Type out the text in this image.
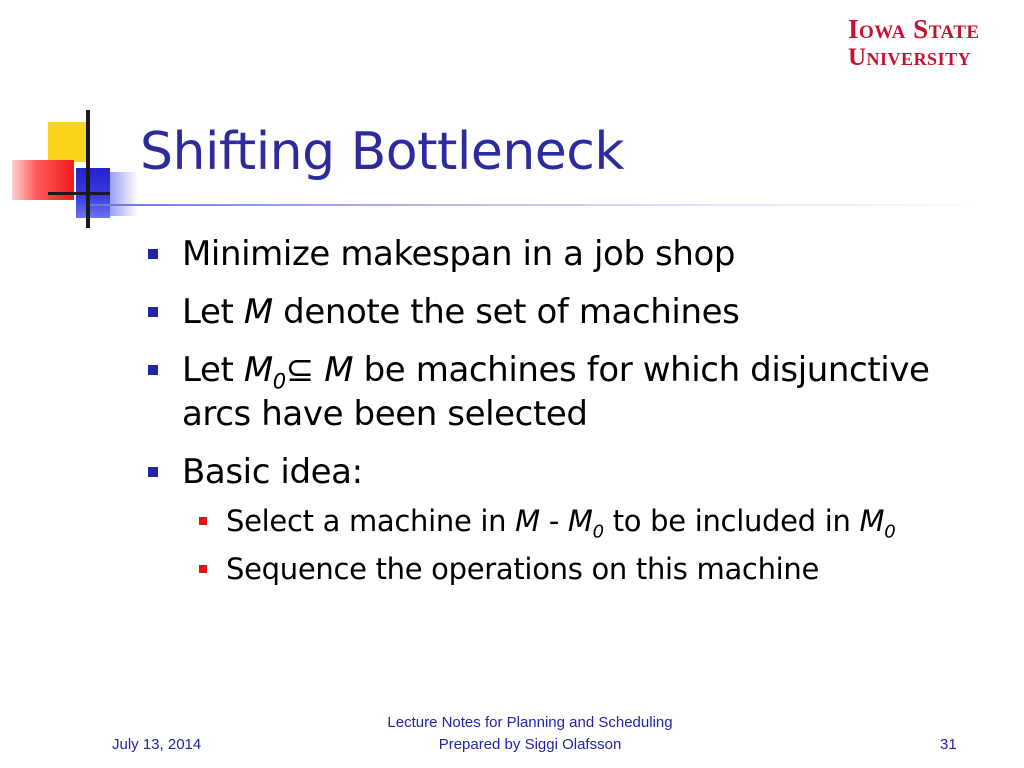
Iowa State
University
Shifting Bottleneck
Minimize makespan in a job shop
Let M denote the set of machines
Let $M_0⊆$ M be machines for which disjunctive arcs have been selected
Basic idea:
Select a machine in M - $M_0$ to be included in $M_0$
Sequence the operations on this machine
July 13, 2014
Lecture Notes for Planning and Scheduling
Prepared by Siggi Olafsson	31
